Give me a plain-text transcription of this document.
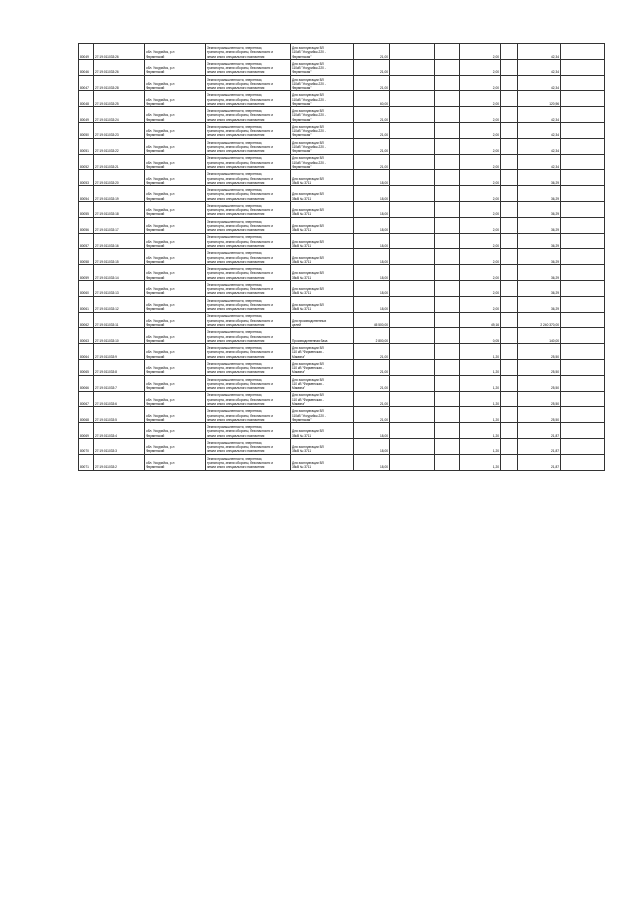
80049	27:19:011033:26	обл. Уссурийск, р-н
Фирменский	Земли промышленности, энергетики,
транспорта, земли обороны, безопасности и
земли иного специального назначения	Для эксплуатации ВЛ
110кВ "Уссурийск-220 -
Фирменская"	21,00			2,00		42,34	
80046	27:19:011033:26	обл. Уссурийск, р-н
Фирменский	Земли промышленности, энергетики,
транспорта, земли обороны, безопасности и
земли иного специального назначения	Для эксплуатации ВЛ
110кВ "Уссурийск-220 -
Фирменская"	21,00			2,00		42,34	
80047	27:19:011033:28	обл. Уссурийск, р-н
Фирменский	Земли промышленности, энергетики,
транспорта, земли обороны, безопасности и
земли иного специального назначения	Для эксплуатации ВЛ
110кВ "Уссурийск-220 -
Фирменская"	21,00			2,00		42,34	
80048	27:19:011033:25	обл. Уссурийск, р-н
Фирменский	Земли промышленности, энергетики,
транспорта, земли обороны, безопасности и
земли иного специального назначения	Для эксплуатации ВЛ
110кВ "Уссурийск-220 -
Фирменская"	60,00			2,00		120,96	
80049	27:19:011033:24	обл. Уссурийск, р-н
Фирменский	Земли промышленности, энергетики,
транспорта, земли обороны, безопасности и
земли иного специального назначения	Для эксплуатации ВЛ
110кВ "Уссурийск-220 -
Фирменская"	21,00			2,00		42,34	
80050	27:19:011033:23	обл. Уссурийск, р-н
Фирменский	Земли промышленности, энергетики,
транспорта, земли обороны, безопасности и
земли иного специального назначения	Для эксплуатации ВЛ
110кВ "Уссурийск-220 -
Фирменская"	21,00			2,00		42,34	
80051	27:19:011033:22	обл. Уссурийск, р-н
Фирменский	Земли промышленности, энергетики,
транспорта, земли обороны, безопасности и
земли иного специального назначения	Для эксплуатации ВЛ
110кВ "Уссурийск-220 -
Фирменская"	21,00			2,00		42,34	
80052	27:19:011033:21	обл. Уссурийск, р-н
Фирменский	Земли промышленности, энергетики,
транспорта, земли обороны, безопасности и
земли иного специального назначения	Для эксплуатации ВЛ
110кВ "Уссурийск-220 -
Фирменская"	21,00			2,00		42,34	
80053	27:19:011033:20	обл. Уссурийск, р-н
Фирменский	Земли промышленности, энергетики,
транспорта, земли обороны, безопасности и
земли иного специального назначения	Для эксплуатации ВЛ
35кВ № 3711	18,00			2,00		36,29	
80054	27:19:011033:19	обл. Уссурийск, р-н
Фирменский	Земли промышленности, энергетики,
транспорта, земли обороны, безопасности и
земли иного специального назначения	Для эксплуатации ВЛ
35кВ № 3711	18,00			2,00		36,29	
80055	27:19:011033:18	обл. Уссурийск, р-н
Фирменский	Земли промышленности, энергетики,
транспорта, земли обороны, безопасности и
земли иного специального назначения	Для эксплуатации ВЛ
35кВ № 3711	18,00			2,00		36,29	
80056	27:19:011033:17	обл. Уссурийск, р-н
Фирменский	Земли промышленности, энергетики,
транспорта, земли обороны, безопасности и
земли иного специального назначения	Для эксплуатации ВЛ
35кВ № 3711	18,00			2,00		36,29	
80057	27:19:011033:16	обл. Уссурийск, р-н
Фирменский	Земли промышленности, энергетики,
транспорта, земли обороны, безопасности и
земли иного специального назначения	Для эксплуатации ВЛ
35кВ № 3711	18,00			2,00		36,29	
80058	27:19:011033:15	обл. Уссурийск, р-н
Фирменский	Земли промышленности, энергетики,
транспорта, земли обороны, безопасности и
земли иного специального назначения	Для эксплуатации ВЛ
35кВ № 3711	18,00			2,00		36,29	
80059	27:19:011033:14	обл. Уссурийск, р-н
Фирменский	Земли промышленности, энергетики,
транспорта, земли обороны, безопасности и
земли иного специального назначения	Для эксплуатации ВЛ
35кВ № 3711	18,00			2,00		36,29	
80060	27:19:011033:13	обл. Уссурийск, р-н
Фирменский	Земли промышленности, энергетики,
транспорта, земли обороны, безопасности и
земли иного специального назначения	Для эксплуатации ВЛ
35кВ № 3711	18,00			2,00		36,29	
80061	27:19:011033:12	обл. Уссурийск, р-н
Фирменский	Земли промышленности, энергетики,
транспорта, земли обороны, безопасности и
земли иного специального назначения	Для эксплуатации ВЛ
35кВ № 3711	18,00			2,00		36,29	
80062	27:19:011033:11	обл. Уссурийск, р-н
Фирменский	Земли промышленности, энергетики,
транспорта, земли обороны, безопасности и
земли иного специального назначения	Для производственных
целей	45 500,00			49,16		2 240 370,00	
80063	27:19:011033:10	обл. Уссурийск, р-н
Фирменский	Земли промышленности, энергетики,
транспорта, земли обороны, безопасности и
земли иного специального назначения	Производственная база	2 800,00			0,05		140,00	
80064	27:19:011033:9	обл. Уссурийск, р-н
Фирменский	Земли промышленности, энергетики,
транспорта, земли обороны, безопасности и
земли иного специального назначения	Для эксплуатации ВЛ
110 кВ "Фирменская -
Мамина"	21,00			1,20		25,50	
80065	27:19:011033:8	обл. Уссурийск, р-н
Фирменский	Земли промышленности, энергетики,
транспорта, земли обороны, безопасности и
земли иного специального назначения	Для эксплуатации ВЛ
110 кВ "Фирменская -
Мамина"	21,00			1,20		25,50	
80066	27:19:011033:7	обл. Уссурийск, р-н
Фирменский	Земли промышленности, энергетики,
транспорта, земли обороны, безопасности и
земли иного специального назначения	Для эксплуатации ВЛ
110 кВ "Фирменская -
Мамина"	21,00			1,20		25,50	
80067	27:19:011033:6	обл. Уссурийск, р-н
Фирменский	Земли промышленности, энергетики,
транспорта, земли обороны, безопасности и
земли иного специального назначения	Для эксплуатации ВЛ
110 кВ "Фирменская -
Мамина"	21,00			1,20		25,50	
80068	27:19:011033:5	обл. Уссурийск, р-н
Фирменский	Земли промышленности, энергетики,
транспорта, земли обороны, безопасности и
земли иного специального назначения	Для эксплуатации ВЛ
110кВ "Уссурийск-220 -
Фирменская"	21,00			1,20		25,50	
80069	27:19:011033:4	обл. Уссурийск, р-н
Фирменский	Земли промышленности, энергетики,
транспорта, земли обороны, безопасности и
земли иного специального назначения	Для эксплуатации ВЛ
35кВ № 3711	18,00			1,20		21,87	
80070	27:19:011033:3	обл. Уссурийск, р-н
Фирменский	Земли промышленности, энергетики,
транспорта, земли обороны, безопасности и
земли иного специального назначения	Для эксплуатации ВЛ
35кВ № 3711	18,00			1,20		21,87	
80071	27:19:011033:2	обл. Уссурийск, р-н
Фирменский	Земли промышленности, энергетики,
транспорта, земли обороны, безопасности и
земли иного специального назначения	Для эксплуатации ВЛ
35кВ № 3711	18,00			1,20		21,87	
